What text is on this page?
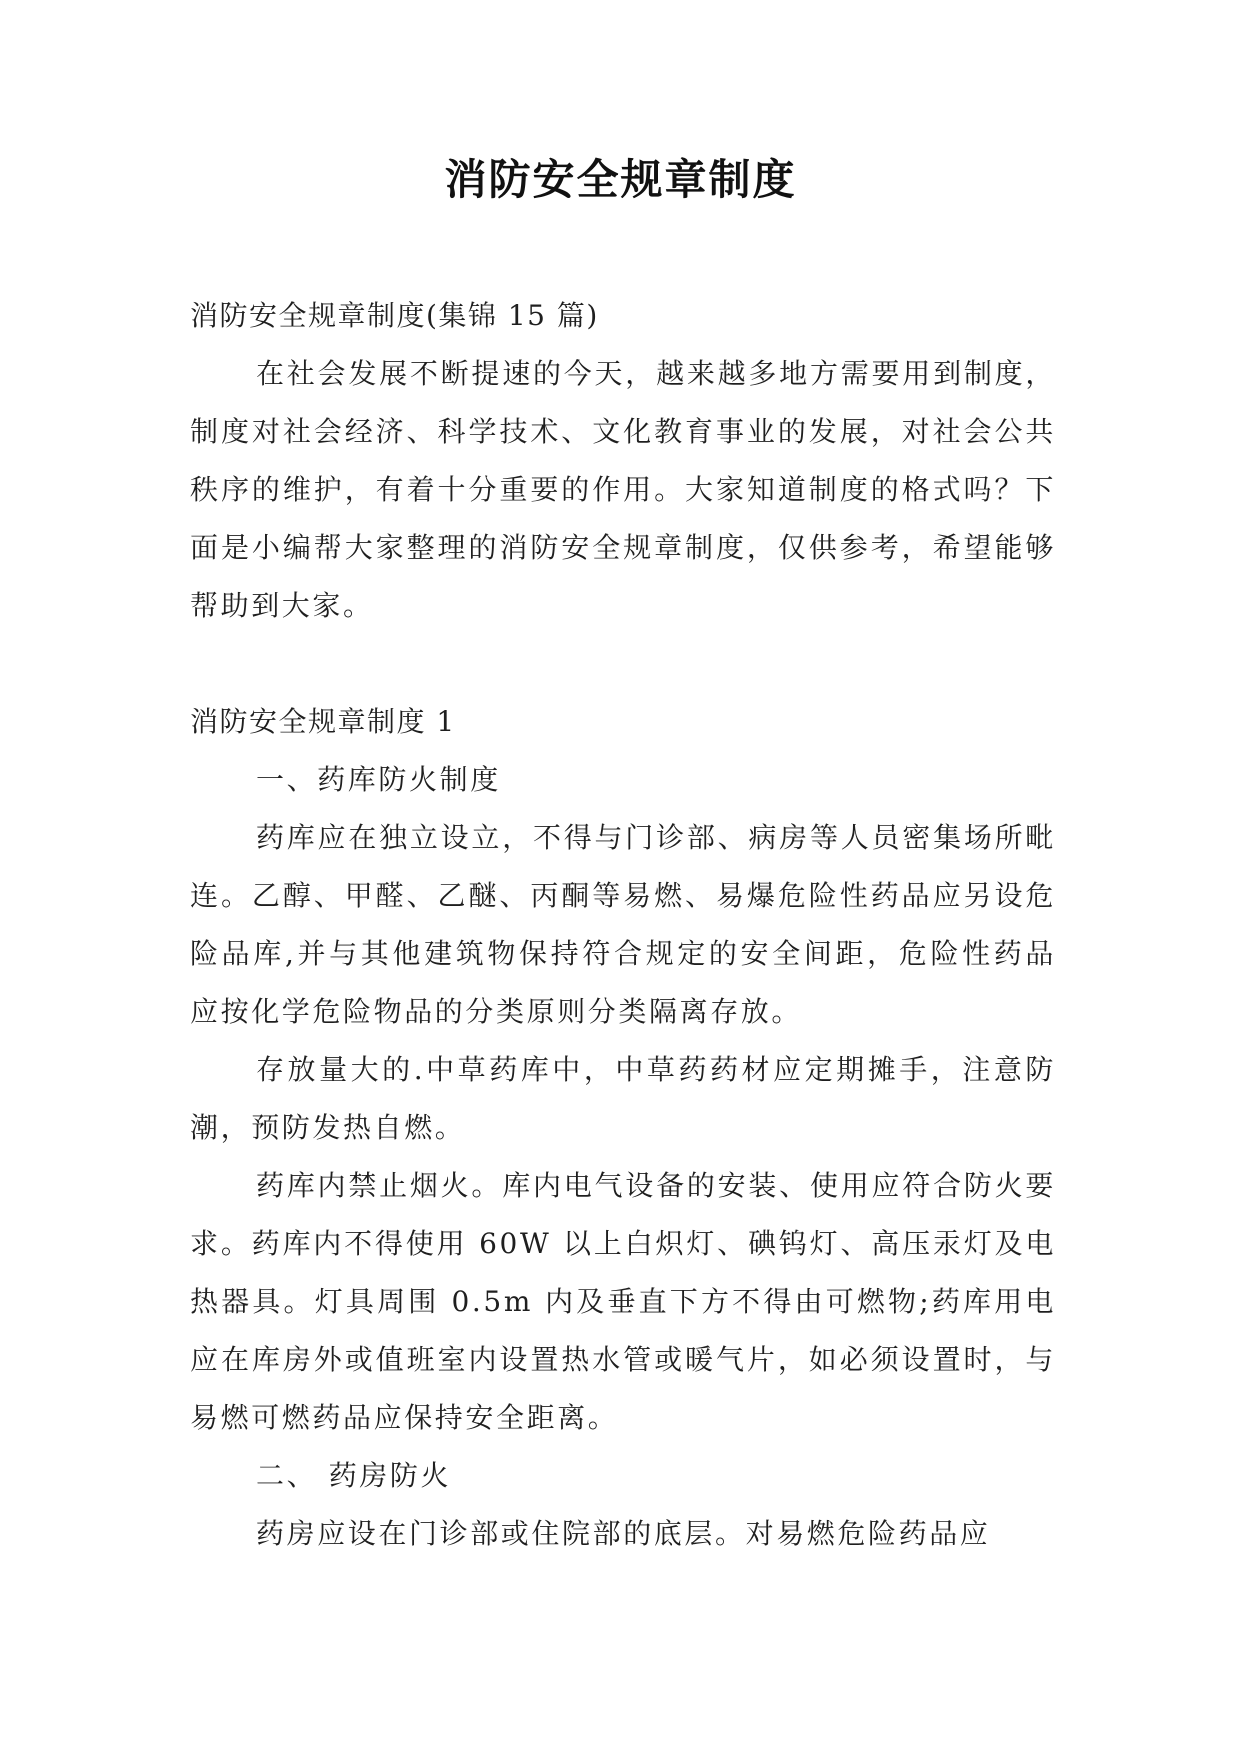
消防安全规章制度

消防安全规章制度(集锦 15 篇)

在社会发展不断提速的今天，越来越多地方需要用到制度，制度对社会经济、科学技术、文化教育事业的发展，对社会公共秩序的维护，有着十分重要的作用。大家知道制度的格式吗？下面是小编帮大家整理的消防安全规章制度，仅供参考，希望能够帮助到大家。

消防安全规章制度 1

一、药库防火制度

药库应在独立设立，不得与门诊部、病房等人员密集场所毗连。乙醇、甲醛、乙醚、丙酮等易燃、易爆危险性药品应另设危险品库,并与其他建筑物保持符合规定的安全间距，危险性药品应按化学危险物品的分类原则分类隔离存放。

存放量大的.中草药库中，中草药药材应定期摊手，注意防潮，预防发热自燃。

药库内禁止烟火。库内电气设备的安装、使用应符合防火要求。药库内不得使用 60W 以上白炽灯、碘钨灯、高压汞灯及电热器具。灯具周围 0.5m 内及垂直下方不得由可燃物;药库用电应在库房外或值班室内设置热水管或暖气片，如必须设置时，与易燃可燃药品应保持安全距离。

二、 药房防火

药房应设在门诊部或住院部的底层。对易燃危险药品应
